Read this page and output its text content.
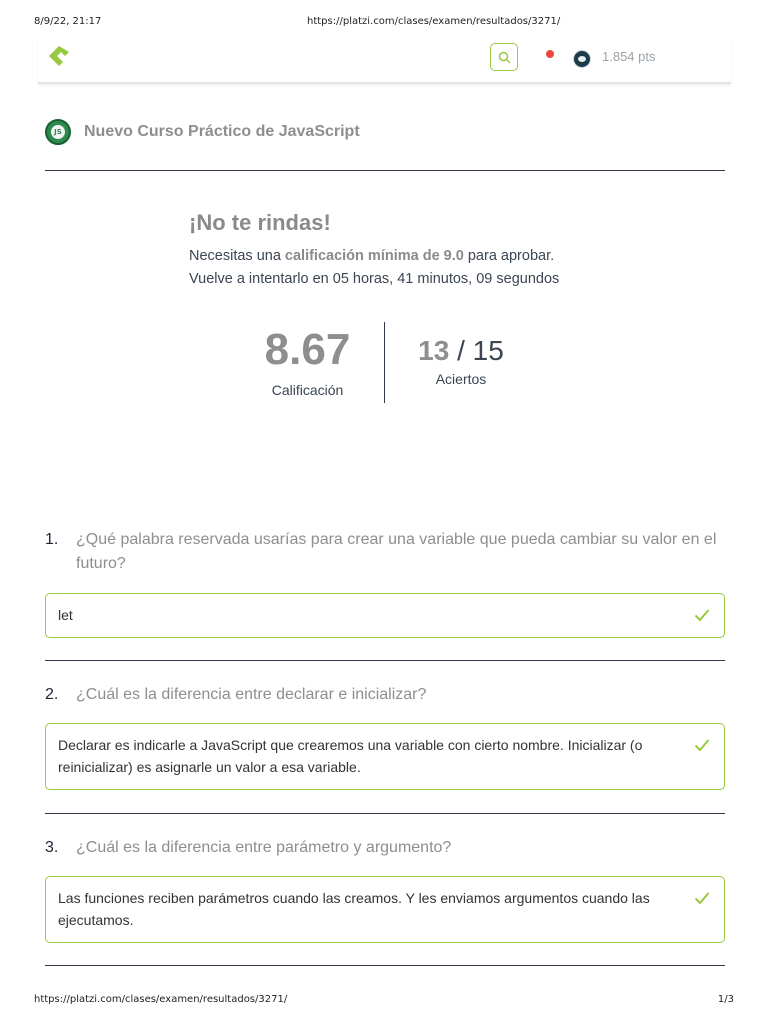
8/9/22, 21:17	https://platzi.com/clases/examen/resultados/3271/
1.854 pts
JS Nuevo Curso Práctico de JavaScript
¡No te rindas!
Necesitas una calificación mínima de 9.0 para aprobar.
Vuelve a intentarlo en 05 horas, 41 minutos, 09 segundos
8.67
Calificación
13 / 15
Aciertos
1. ¿Qué palabra reservada usarías para crear una variable que pueda cambiar su valor en el futuro?
let
2. ¿Cuál es la diferencia entre declarar e inicializar?
Declarar es indicarle a JavaScript que crearemos una variable con cierto nombre. Inicializar (o reinicializar) es asignarle un valor a esa variable.
3. ¿Cuál es la diferencia entre parámetro y argumento?
Las funciones reciben parámetros cuando las creamos. Y les enviamos argumentos cuando las ejecutamos.
https://platzi.com/clases/examen/resultados/3271/	1/3
